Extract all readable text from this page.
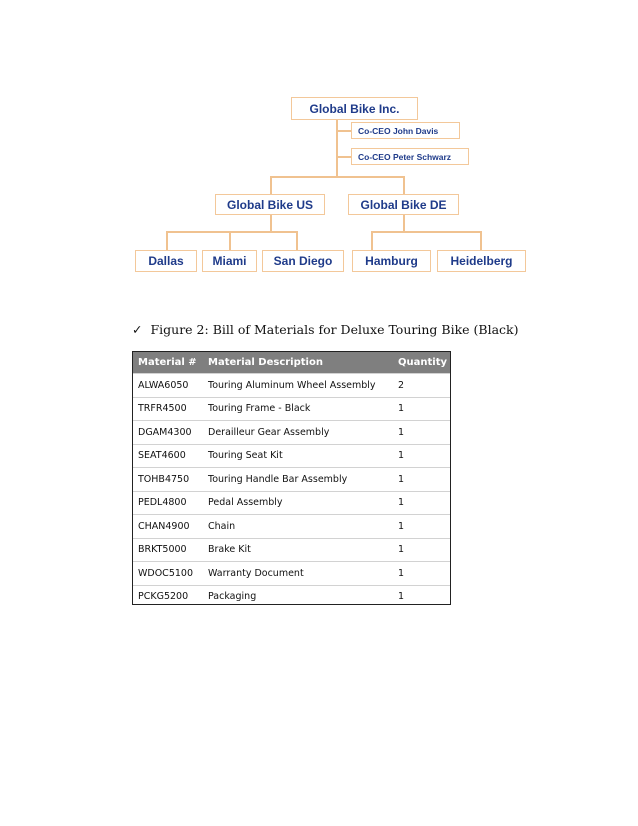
Global Bike Inc.
Co-CEO John Davis
Co-CEO Peter Schwarz
Global Bike US	Global Bike DE
Dallas	Miami	San Diego	Hamburg	Heidelberg
✓ Figure 2: Bill of Materials for Deluxe Touring Bike (Black)
Material #	Material Description	Quantity
ALWA6050	Touring Aluminum Wheel Assembly	2
TRFR4500	Touring Frame - Black	1
DGAM4300	Derailleur Gear Assembly	1
SEAT4600	Touring Seat Kit	1
TOHB4750	Touring Handle Bar Assembly	1
PEDL4800	Pedal Assembly	1
CHAN4900	Chain	1
BRKT5000	Brake Kit	1
WDOC5100	Warranty Document	1
PCKG5200	Packaging	1
